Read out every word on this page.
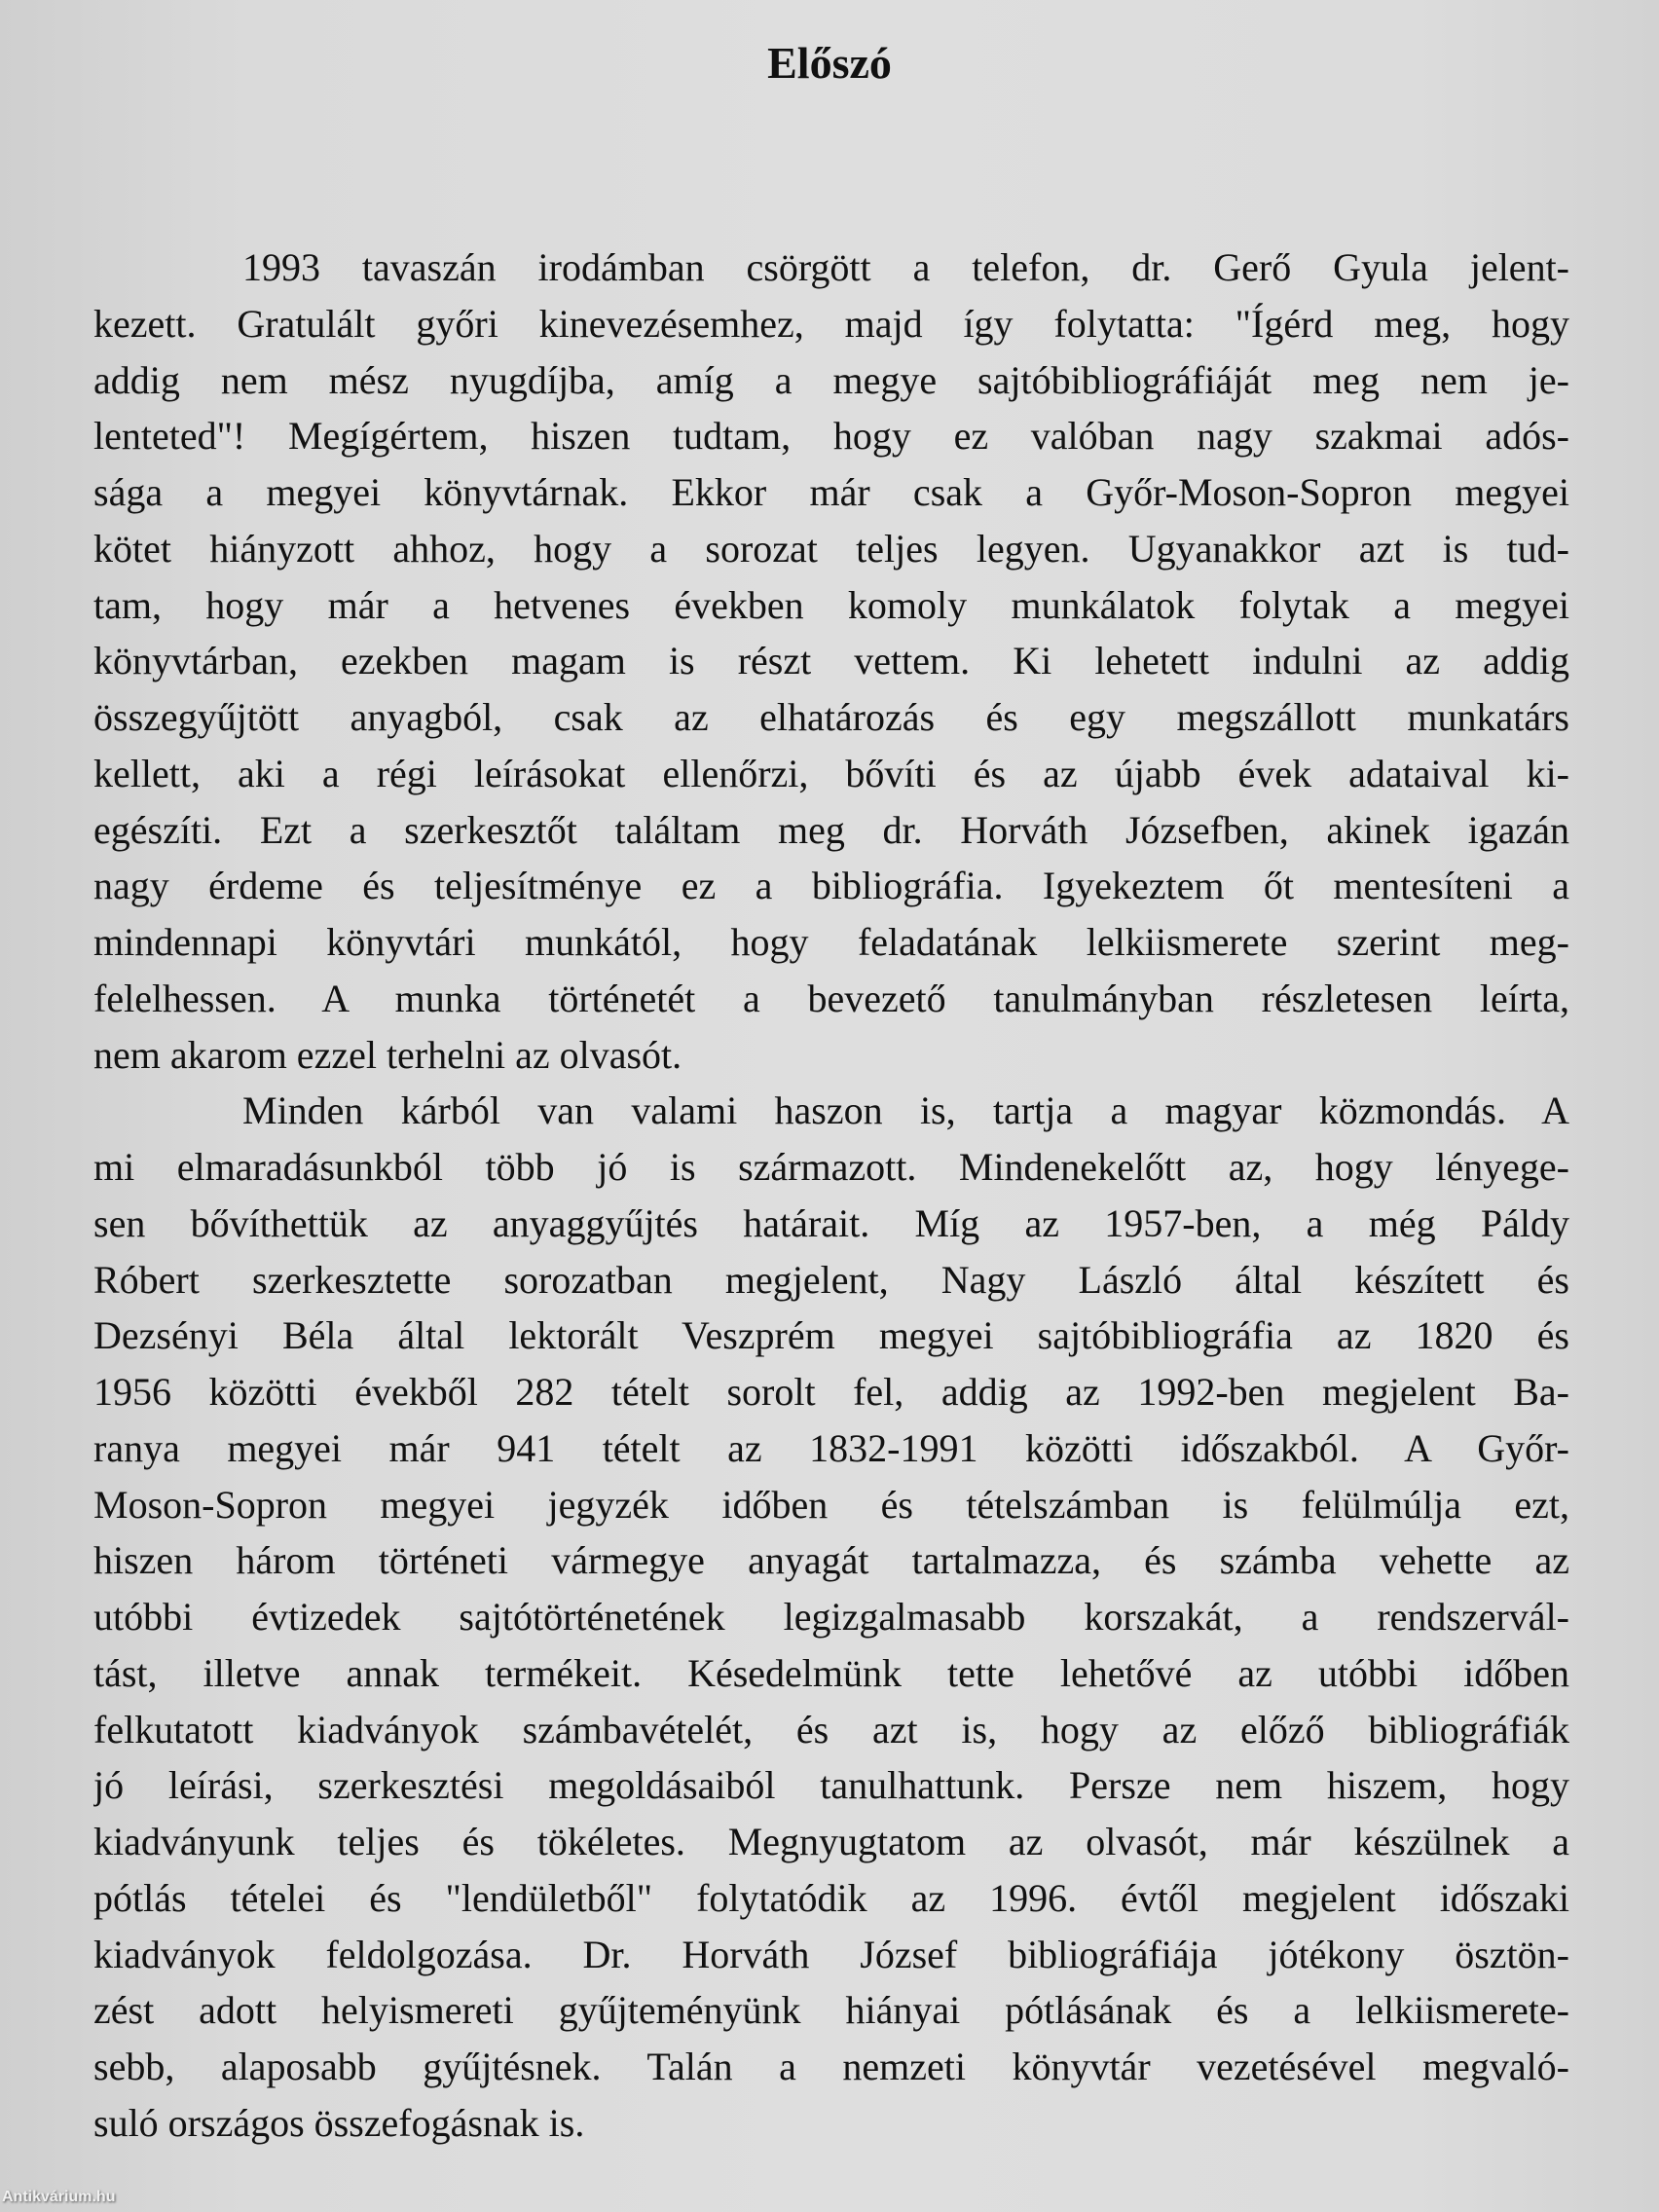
Előszó
1993 tavaszán irodámban csörgött a telefon, dr. Gerő Gyula jelent-
kezett. Gratulált győri kinevezésemhez, majd így folytatta: "Ígérd meg, hogy
addig nem mész nyugdíjba, amíg a megye sajtóbibliográfiáját meg nem je-
lenteted"! Megígértem, hiszen tudtam, hogy ez valóban nagy szakmai adós-
sága a megyei könyvtárnak. Ekkor már csak a Győr-Moson-Sopron megyei
kötet hiányzott ahhoz, hogy a sorozat teljes legyen. Ugyanakkor azt is tud-
tam, hogy már a hetvenes években komoly munkálatok folytak a megyei
könyvtárban, ezekben magam is részt vettem. Ki lehetett indulni az addig
összegyűjtött anyagból, csak az elhatározás és egy megszállott munkatárs
kellett, aki a régi leírásokat ellenőrzi, bővíti és az újabb évek adataival ki-
egészíti. Ezt a szerkesztőt találtam meg dr. Horváth Józsefben, akinek igazán
nagy érdeme és teljesítménye ez a bibliográfia. Igyekeztem őt mentesíteni a
mindennapi könyvtári munkától, hogy feladatának lelkiismerete szerint meg-
felelhessen. A munka történetét a bevezető tanulmányban részletesen leírta,
nem akarom ezzel terhelni az olvasót.
Minden kárból van valami haszon is, tartja a magyar közmondás. A
mi elmaradásunkból több jó is származott. Mindenekelőtt az, hogy lényege-
sen bővíthettük az anyaggyűjtés határait. Míg az 1957-ben, a még Páldy
Róbert szerkesztette sorozatban megjelent, Nagy László által készített és
Dezsényi Béla által lektorált Veszprém megyei sajtóbibliográfia az 1820 és
1956 közötti évekből 282 tételt sorolt fel, addig az 1992-ben megjelent Ba-
ranya megyei már 941 tételt az 1832-1991 közötti időszakból. A Győr-
Moson-Sopron megyei jegyzék időben és tételszámban is felülmúlja ezt,
hiszen három történeti vármegye anyagát tartalmazza, és számba vehette az
utóbbi évtizedek sajtótörténetének legizgalmasabb korszakát, a rendszervál-
tást, illetve annak termékeit. Késedelmünk tette lehetővé az utóbbi időben
felkutatott kiadványok számbavételét, és azt is, hogy az előző bibliográfiák
jó leírási, szerkesztési megoldásaiból tanulhattunk. Persze nem hiszem, hogy
kiadványunk teljes és tökéletes. Megnyugtatom az olvasót, már készülnek a
pótlás tételei és "lendületből" folytatódik az 1996. évtől megjelent időszaki
kiadványok feldolgozása. Dr. Horváth József bibliográfiája jótékony ösztön-
zést adott helyismereti gyűjteményünk hiányai pótlásának és a lelkiismerete-
sebb, alaposabb gyűjtésnek. Talán a nemzeti könyvtár vezetésével megvaló-
suló országos összefogásnak is.
Antikvárium.hu
